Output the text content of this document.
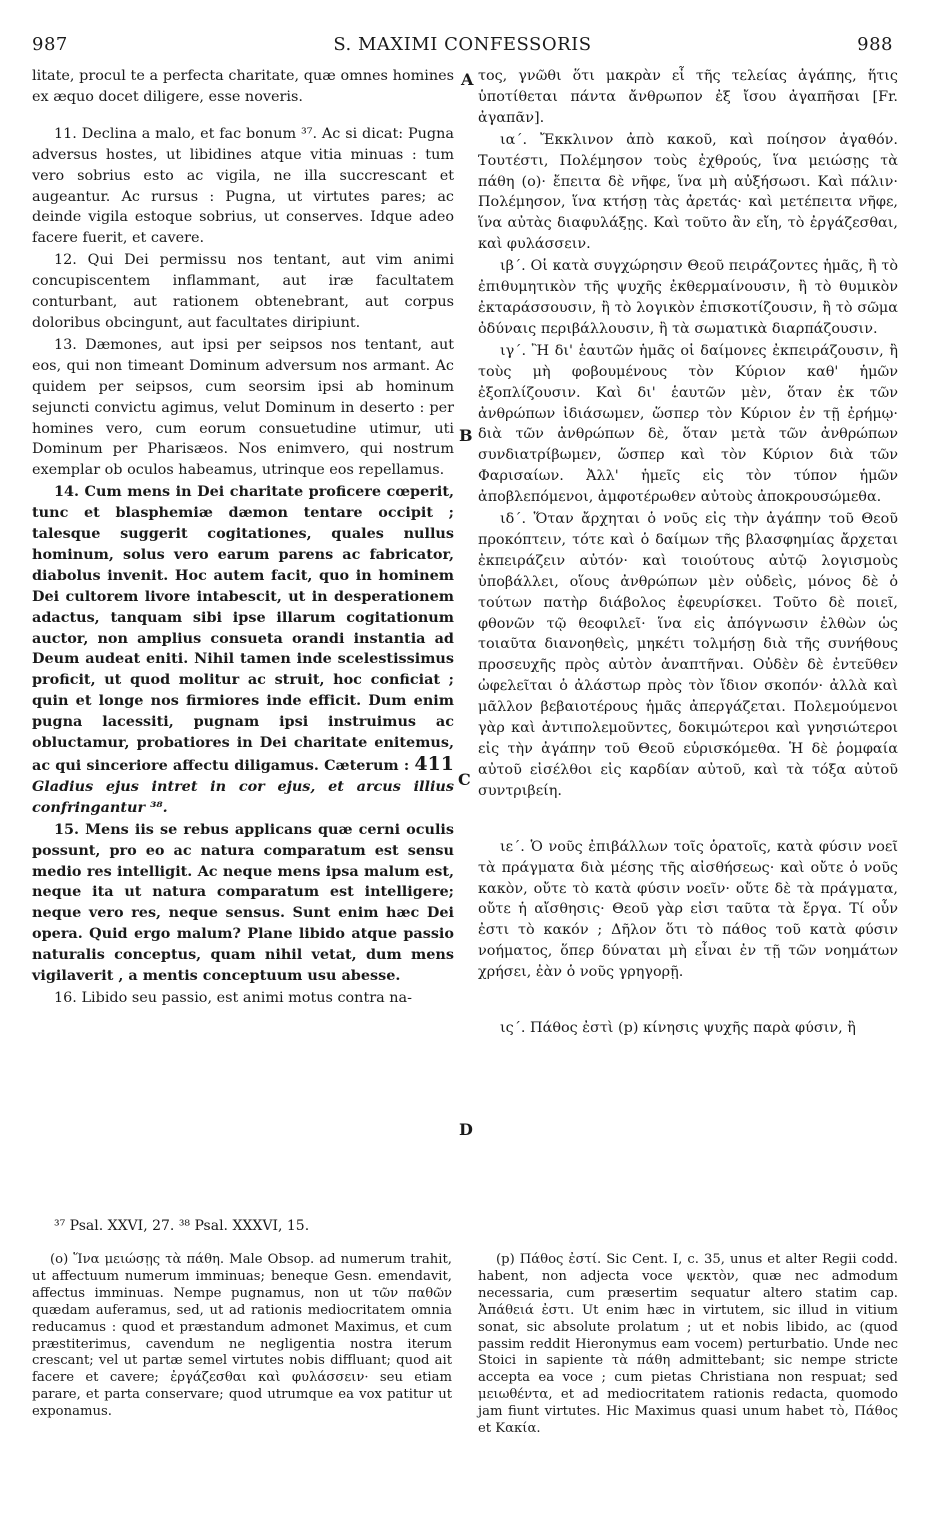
987	S. MAXIMI CONFESSORIS	988
A
B
C
D

litate, procul te a perfecta charitate, quæ omnes homines ex æquo docet diligere, esse noveris.

11. Declina a malo, et fac bonum ³⁷. Ac si dicat: Pugna adversus hostes, ut libidines atque vitia minuas : tum vero sobrius esto ac vigila, ne illa succrescant et augeantur. Ac rursus : Pugna, ut virtutes pares; ac deinde vigila estoque sobrius, ut conserves. Idque adeo facere fuerit, et cavere.

12. Qui Dei permissu nos tentant, aut vim animi concupiscentem inflammant, aut iræ facultatem conturbant, aut rationem obtenebrant, aut corpus doloribus obcingunt, aut facultates diripiunt.

13. Dæmones, aut ipsi per seipsos nos tentant, aut eos, qui non timeant Dominum adversum nos armant. Ac quidem per seipsos, cum seorsim ipsi ab hominum sejuncti convictu agimus, velut Dominum in deserto : per homines vero, cum eorum consuetudine utimur, uti Dominum per Pharisæos. Nos enimvero, qui nostrum exemplar ob oculos habeamus, utrinque eos repellamus.

14. Cum mens in Dei charitate proficere cœperit, tunc et blasphemiæ dæmon tentare occipit ; talesque suggerit cogitationes, quales nullus hominum, solus vero earum parens ac fabricator, diabolus invenit. Hoc autem facit, quo in hominem Dei cultorem livore intabescit, ut in desperationem adactus, tanquam sibi ipse illarum cogitationum auctor, non amplius consueta orandi instantia ad Deum audeat eniti. Nihil tamen inde scelestissimus proficit, ut quod molitur ac struit, hoc conficiat ; quin et longe nos firmiores inde efficit. Dum enim pugna lacessiti, pugnam ipsi instruimus ac obluctamur, probatiores in Dei charitate enitemus, ac qui sinceriore affectu diligamus. Cæterum : 411 Gladius ejus intret in cor ejus, et arcus illius confringantur ³⁸.

15. Mens iis se rebus applicans quæ cerni oculis possunt, pro eo ac natura comparatum est sensu medio res intelligit. Ac neque mens ipsa malum est, neque ita ut natura comparatum est intelligere; neque vero res, neque sensus. Sunt enim hæc Dei opera. Quid ergo malum? Plane libido atque passio naturalis conceptus, quam nihil vetat, dum mens vigilaverit , a mentis conceptuum usu abesse.

16. Libido seu passio, est animi motus contra na-

τος, γνῶθι ὅτι μακρὰν εἶ τῆς τελείας ἀγάπης, ἥτις ὑποτίθεται πάντα ἄνθρωπον ἐξ ἴσου ἀγαπῆσαι [Fr. ἀγαπᾶν].

ια΄. Ἔκκλινον ἀπὸ κακοῦ, καὶ ποίησον ἀγαθόν. Τουτέστι, Πολέμησον τοὺς ἐχθρούς, ἵνα μειώσῃς τὰ πάθη (o)· ἔπειτα δὲ νῆφε, ἵνα μὴ αὐξήσωσι. Καὶ πάλιν· Πολέμησον, ἵνα κτήσῃ τὰς ἀρετάς· καὶ μετέπειτα νῆφε, ἵνα αὐτὰς διαφυλάξῃς. Καὶ τοῦτο ἂν εἴη, τὸ ἐργάζεσθαι, καὶ φυλάσσειν.

ιβ΄. Οἱ κατὰ συγχώρησιν Θεοῦ πειράζοντες ἡμᾶς, ἢ τὸ ἐπιθυμητικὸν τῆς ψυχῆς ἐκθερμαίνουσιν, ἢ τὸ θυμικὸν ἐκταράσσουσιν, ἢ τὸ λογικὸν ἐπισκοτίζουσιν, ἢ τὸ σῶμα ὀδύναις περιβάλλουσιν, ἢ τὰ σωματικὰ διαρπάζουσιν.

ιγ΄. Ἢ δι' ἑαυτῶν ἡμᾶς οἱ δαίμονες ἐκπειράζουσιν, ἢ τοὺς μὴ φοβουμένους τὸν Κύριον καθ' ἡμῶν ἐξοπλίζουσιν. Καὶ δι' ἑαυτῶν μὲν, ὅταν ἐκ τῶν ἀνθρώπων ἰδιάσωμεν, ὥσπερ τὸν Κύριον ἐν τῇ ἐρήμῳ· διὰ τῶν ἀνθρώπων δὲ, ὅταν μετὰ τῶν ἀνθρώπων συνδιατρίβωμεν, ὥσπερ καὶ τὸν Κύριον διὰ τῶν Φαρισαίων. Ἀλλ' ἡμεῖς εἰς τὸν τύπον ἡμῶν ἀποβλεπόμενοι, ἀμφοτέρωθεν αὐτοὺς ἀποκρουσώμεθα.

ιδ΄. Ὅταν ἄρχηται ὁ νοῦς εἰς τὴν ἀγάπην τοῦ Θεοῦ προκόπτειν, τότε καὶ ὁ δαίμων τῆς βλασφημίας ἄρχεται ἐκπειράζειν αὐτόν· καὶ τοιούτους αὐτῷ λογισμοὺς ὑποβάλλει, οἵους ἀνθρώπων μὲν οὐδεὶς, μόνος δὲ ὁ τούτων πατὴρ διάβολος ἐφευρίσκει. Τοῦτο δὲ ποιεῖ, φθονῶν τῷ θεοφιλεῖ· ἵνα εἰς ἀπόγνωσιν ἐλθὼν ὡς τοιαῦτα διανοηθεὶς, μηκέτι τολμήσῃ διὰ τῆς συνήθους προσευχῆς πρὸς αὐτὸν ἀναπτῆναι. Οὐδὲν δὲ ἐντεῦθεν ὠφελεῖται ὁ ἀλάστωρ πρὸς τὸν ἴδιον σκοπόν· ἀλλὰ καὶ μᾶλλον βεβαιοτέρους ἡμᾶς ἀπεργάζεται. Πολεμούμενοι γὰρ καὶ ἀντιπολεμοῦντες, δοκιμώτεροι καὶ γνησιώτεροι εἰς τὴν ἀγάπην τοῦ Θεοῦ εὑρισκόμεθα. Ἡ δὲ ῥομφαία αὐτοῦ εἰσέλθοι εἰς καρδίαν αὐτοῦ, καὶ τὰ τόξα αὐτοῦ συντριβείη.

ιε΄. Ὁ νοῦς ἐπιβάλλων τοῖς ὁρατοῖς, κατὰ φύσιν νοεῖ τὰ πράγματα διὰ μέσης τῆς αἰσθήσεως· καὶ οὔτε ὁ νοῦς κακὸν, οὔτε τὸ κατὰ φύσιν νοεῖν· οὔτε δὲ τὰ πράγματα, οὔτε ἡ αἴσθησις· Θεοῦ γὰρ εἰσι ταῦτα τὰ ἔργα. Τί οὖν ἐστι τὸ κακόν ; Δῆλον ὅτι τὸ πάθος τοῦ κατὰ φύσιν νοήματος, ὅπερ δύναται μὴ εἶναι ἐν τῇ τῶν νοημάτων χρήσει, ἐὰν ὁ νοῦς γρηγορῇ.

ις΄. Πάθος ἐστὶ (p) κίνησις ψυχῆς παρὰ φύσιν, ἢ

³⁷ Psal. XXVI, 27. ³⁸ Psal. XXXVI, 15.
(o) Ἵνα μειώσῃς τὰ πάθη. Male Obsop. ad numerum trahit, ut affectuum numerum imminuas; beneque Gesn. emendavit, affectus imminuas. Nempe pugnamus, non ut τῶν παθῶν quædam auferamus, sed, ut ad rationis mediocritatem omnia reducamus : quod et præstandum admonet Maximus, et cum præstiterimus, cavendum ne negligentia nostra iterum crescant; vel ut partæ semel virtutes nobis diffluant; quod ait facere et cavere; ἐργάζεσθαι καὶ φυλάσσειν· seu etiam parare, et parta conservare; quod utrumque ea vox patitur ut exponamus.
(p) Πάθος ἐστί. Sic Cent. I, c. 35, unus et alter Regii codd. habent, non adjecta voce ψεκτὸν, quæ nec admodum necessaria, cum præsertim sequatur altero statim cap. Ἀπάθειά ἐστι. Ut enim hæc in virtutem, sic illud in vitium sonat, sic absolute prolatum ; ut et nobis libido, ac (quod passim reddit Hieronymus eam vocem) perturbatio. Unde nec Stoici in sapiente τὰ πάθη admittebant; sic nempe stricte accepta ea voce ; cum pietas Christiana non respuat; sed μειωθέντα, et ad mediocritatem rationis redacta, quomodo jam fiunt virtutes. Hic Maximus quasi unum habet τὸ, Πάθος et Κακία.
